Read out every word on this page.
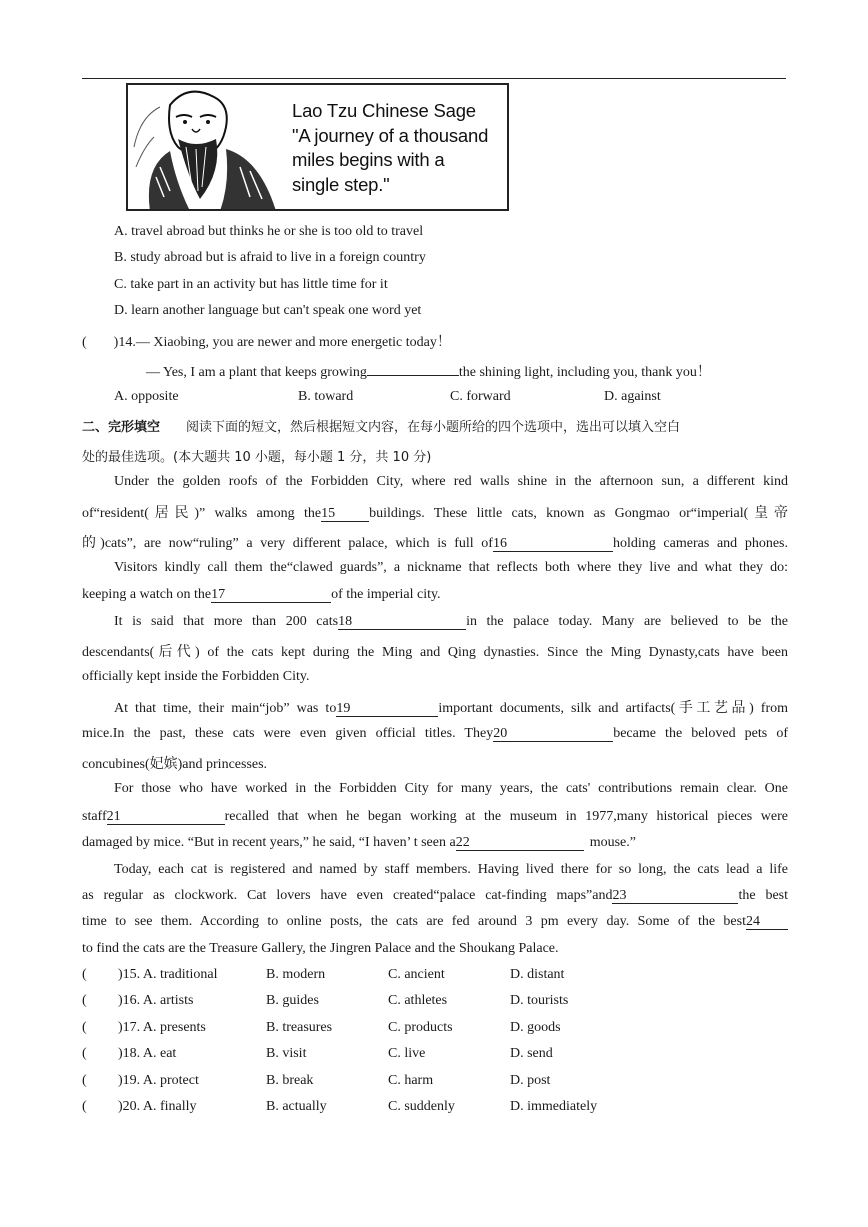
Lao Tzu Chinese Sage
"A journey of a thousand
miles begins with a
single step."
A. travel abroad but thinks he or she is too old to travel
B. study abroad but is afraid to live in a foreign country
C. take part in an activity but has little time for it
D. learn another language but can't speak one word yet
( )14.— Xiaobing, you are newer and more energetic today！
— Yes, I am a plant that keeps growing	the shining light, including you, thank you！
A. opposite	B. toward	C. forward	D. against
二、完形填空 阅读下面的短文，然后根据短文内容，在每小题所给的四个选项中，选出可以填入空白
处的最佳选项。(本大题共 10 小题，每小题 1 分，共 10 分)
Under the golden roofs of the Forbidden City, where red walls shine in the afternoon sun, a different kind
of“resident(居民)” walks among the15 buildings. These little cats, known as Gongmao or“imperial(皇帝
的)cats”, are now“ruling” a very different palace, which is full of16	holding cameras and phones.
Visitors kindly call them the“clawed guards”, a nickname that reflects both where they live and what they do:
keeping a watch on the17	of the imperial city.
It is said that more than 200 cats18	in the palace today. Many are believed to be the
descendants(后代) of the cats kept during the Ming and Qing dynasties. Since the Ming Dynasty,cats have been
officially kept inside the Forbidden City.
At that time, their main“job” was to19	important documents, silk and artifacts(手工艺品) from
mice.In the past, these cats were even given official titles. They20	became the beloved pets of
concubines(妃嫔)and princesses.
For those who have worked in the Forbidden City for many years, the cats' contributions remain clear. One
staff21	recalled that when he began working at the museum in 1977,many historical pieces were
damaged by mice. “But in recent years,” he said, “I haven’ t seen a22	mouse.”
Today, each cat is registered and named by staff members. Having lived there for so long, the cats lead a life
as regular as clockwork. Cat lovers have even created“palace cat-finding maps”and23	the best
time to see them. According to online posts, the cats are fed around 3 pm every day. Some of the best24
to find the cats are the Treasure Gallery, the Jingren Palace and the Shoukang Palace.
( )15. A. traditional	B. modern	C. ancient	D. distant
( )16. A. artists	B. guides	C. athletes	D. tourists
( )17. A. presents	B. treasures	C. products	D. goods
( )18. A. eat	B. visit	C. live	D. send
( )19. A. protect	B. break	C. harm	D. post
( )20. A. finally	B. actually	C. suddenly	D. immediately
